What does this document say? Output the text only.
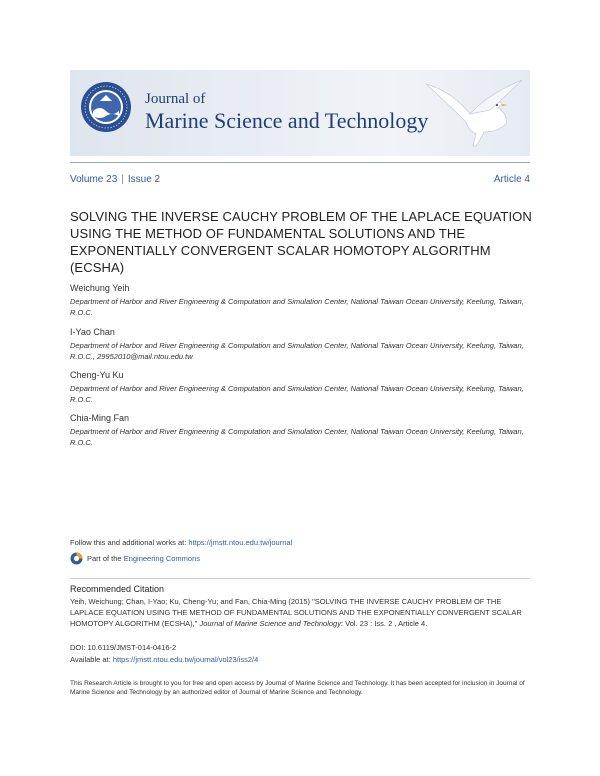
Journal of
Marine Science and Technology
Volume 23 | Issue 2	Article 4
SOLVING THE INVERSE CAUCHY PROBLEM OF THE LAPLACE EQUATION USING THE METHOD OF FUNDAMENTAL SOLUTIONS AND THE EXPONENTIALLY CONVERGENT SCALAR HOMOTOPY ALGORITHM (ECSHA)
Weichung Yeih
Department of Harbor and River Engineering & Computation and Simulation Center, National Taiwan Ocean University, Keelung, Taiwan, R.O.C.
I-Yao Chan
Department of Harbor and River Engineering & Computation and Simulation Center, National Taiwan Ocean University, Keelung, Taiwan, R.O.C., 29952010@mail.ntou.edu.tw
Cheng-Yu Ku
Department of Harbor and River Engineering & Computation and Simulation Center, National Taiwan Ocean University, Keelung, Taiwan, R.O.C.
Chia-Ming Fan
Department of Harbor and River Engineering & Computation and Simulation Center, National Taiwan Ocean University, Keelung, Taiwan, R.O.C.
Follow this and additional works at: https://jmstt.ntou.edu.tw/journal
Part of the
Engineering Commons
Recommended Citation
Yeih, Weichung; Chan, I-Yao; Ku, Cheng-Yu; and Fan, Chia-Ming (2015) "SOLVING THE INVERSE CAUCHY PROBLEM OF THE LAPLACE EQUATION USING THE METHOD OF FUNDAMENTAL SOLUTIONS AND THE EXPONENTIALLY CONVERGENT SCALAR HOMOTOPY ALGORITHM (ECSHA)," Journal of Marine Science and Technology: Vol. 23 : Iss. 2 , Article 4.
DOI: 10.6119/JMST-014-0416-2
Available at: https://jmstt.ntou.edu.tw/journal/vol23/iss2/4
This Research Article is brought to you for free and open access by Journal of Marine Science and Technology. It has been accepted for inclusion in Journal of Marine Science and Technology by an authorized editor of Journal of Marine Science and Technology.
